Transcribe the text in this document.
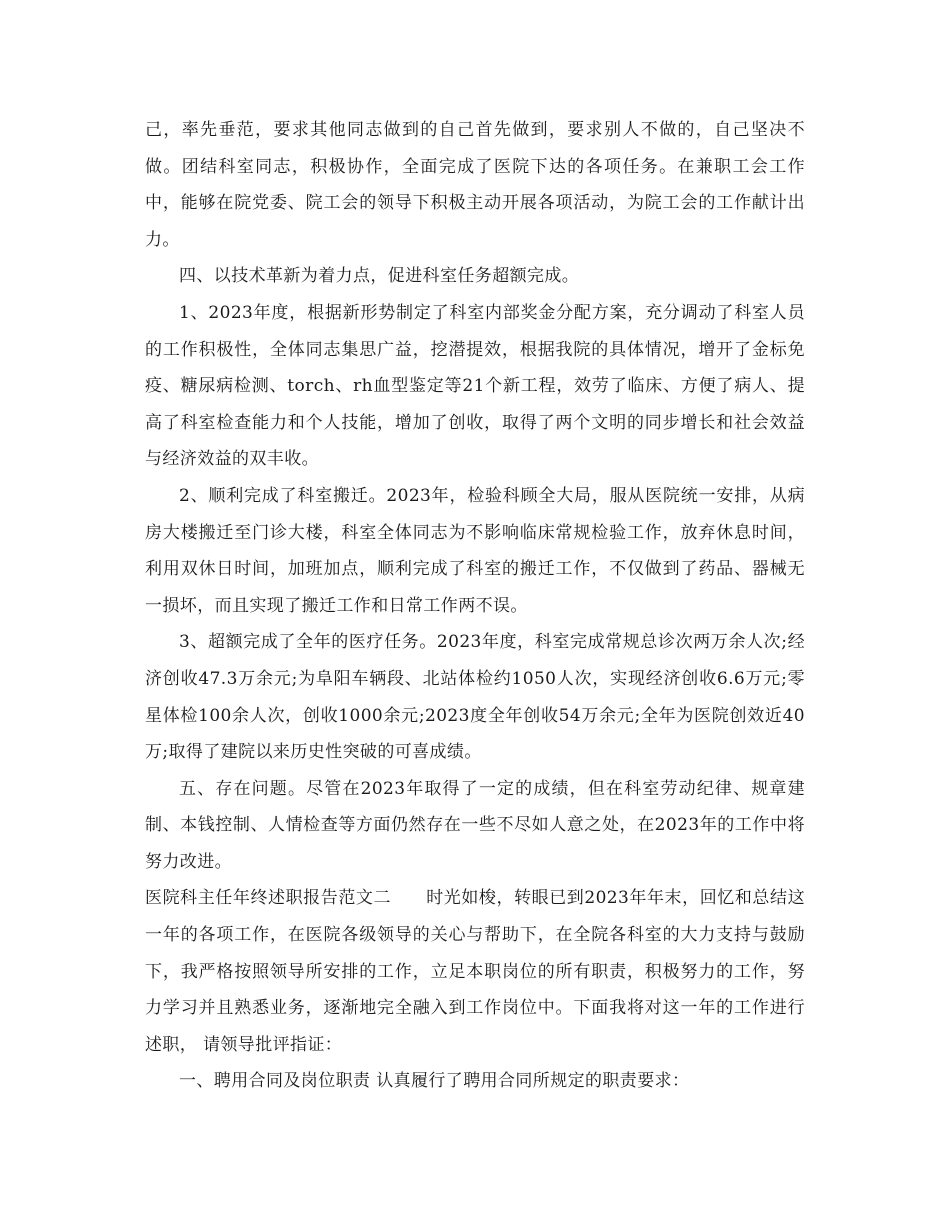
己，率先垂范，要求其他同志做到的自己首先做到，要求别人不做的，自己坚决不做。团结科室同志，积极协作，全面完成了医院下达的各项任务。在兼职工会工作中，能够在院党委、院工会的领导下积极主动开展各项活动，为院工会的工作献计出力。

四、以技术革新为着力点，促进科室任务超额完成。

1、2023年度，根据新形势制定了科室内部奖金分配方案，充分调动了科室人员的工作积极性，全体同志集思广益，挖潜提效，根据我院的具体情况，增开了金标免疫、糖尿病检测、torch、rh血型鉴定等21个新工程，效劳了临床、方便了病人、提高了科室检查能力和个人技能，增加了创收，取得了两个文明的同步增长和社会效益与经济效益的双丰收。

2、顺利完成了科室搬迁。2023年，检验科顾全大局，服从医院统一安排，从病房大楼搬迁至门诊大楼，科室全体同志为不影响临床常规检验工作，放弃休息时间，利用双休日时间，加班加点，顺利完成了科室的搬迁工作，不仅做到了药品、器械无一损坏，而且实现了搬迁工作和日常工作两不误。

3、超额完成了全年的医疗任务。2023年度，科室完成常规总诊次两万余人次;经济创收47.3万余元;为阜阳车辆段、北站体检约1050人次，实现经济创收6.6万元;零星体检100余人次，创收1000余元;2023度全年创收54万余元;全年为医院创效近40万;取得了建院以来历史性突破的可喜成绩。

五、存在问题。尽管在2023年取得了一定的成绩，但在科室劳动纪律、规章建制、本钱控制、人情检查等方面仍然存在一些不尽如人意之处，在2023年的工作中将努力改进。

医院科主任年终述职报告范文二　　时光如梭，转眼已到2023年年末，回忆和总结这一年的各项工作，在医院各级领导的关心与帮助下，在全院各科室的大力支持与鼓励下，我严格按照领导所安排的工作，立足本职岗位的所有职责，积极努力的工作，努力学习并且熟悉业务，逐渐地完全融入到工作岗位中。下面我将对这一年的工作进行述职， 请领导批评指证：

一、聘用合同及岗位职责 认真履行了聘用合同所规定的职责要求：
